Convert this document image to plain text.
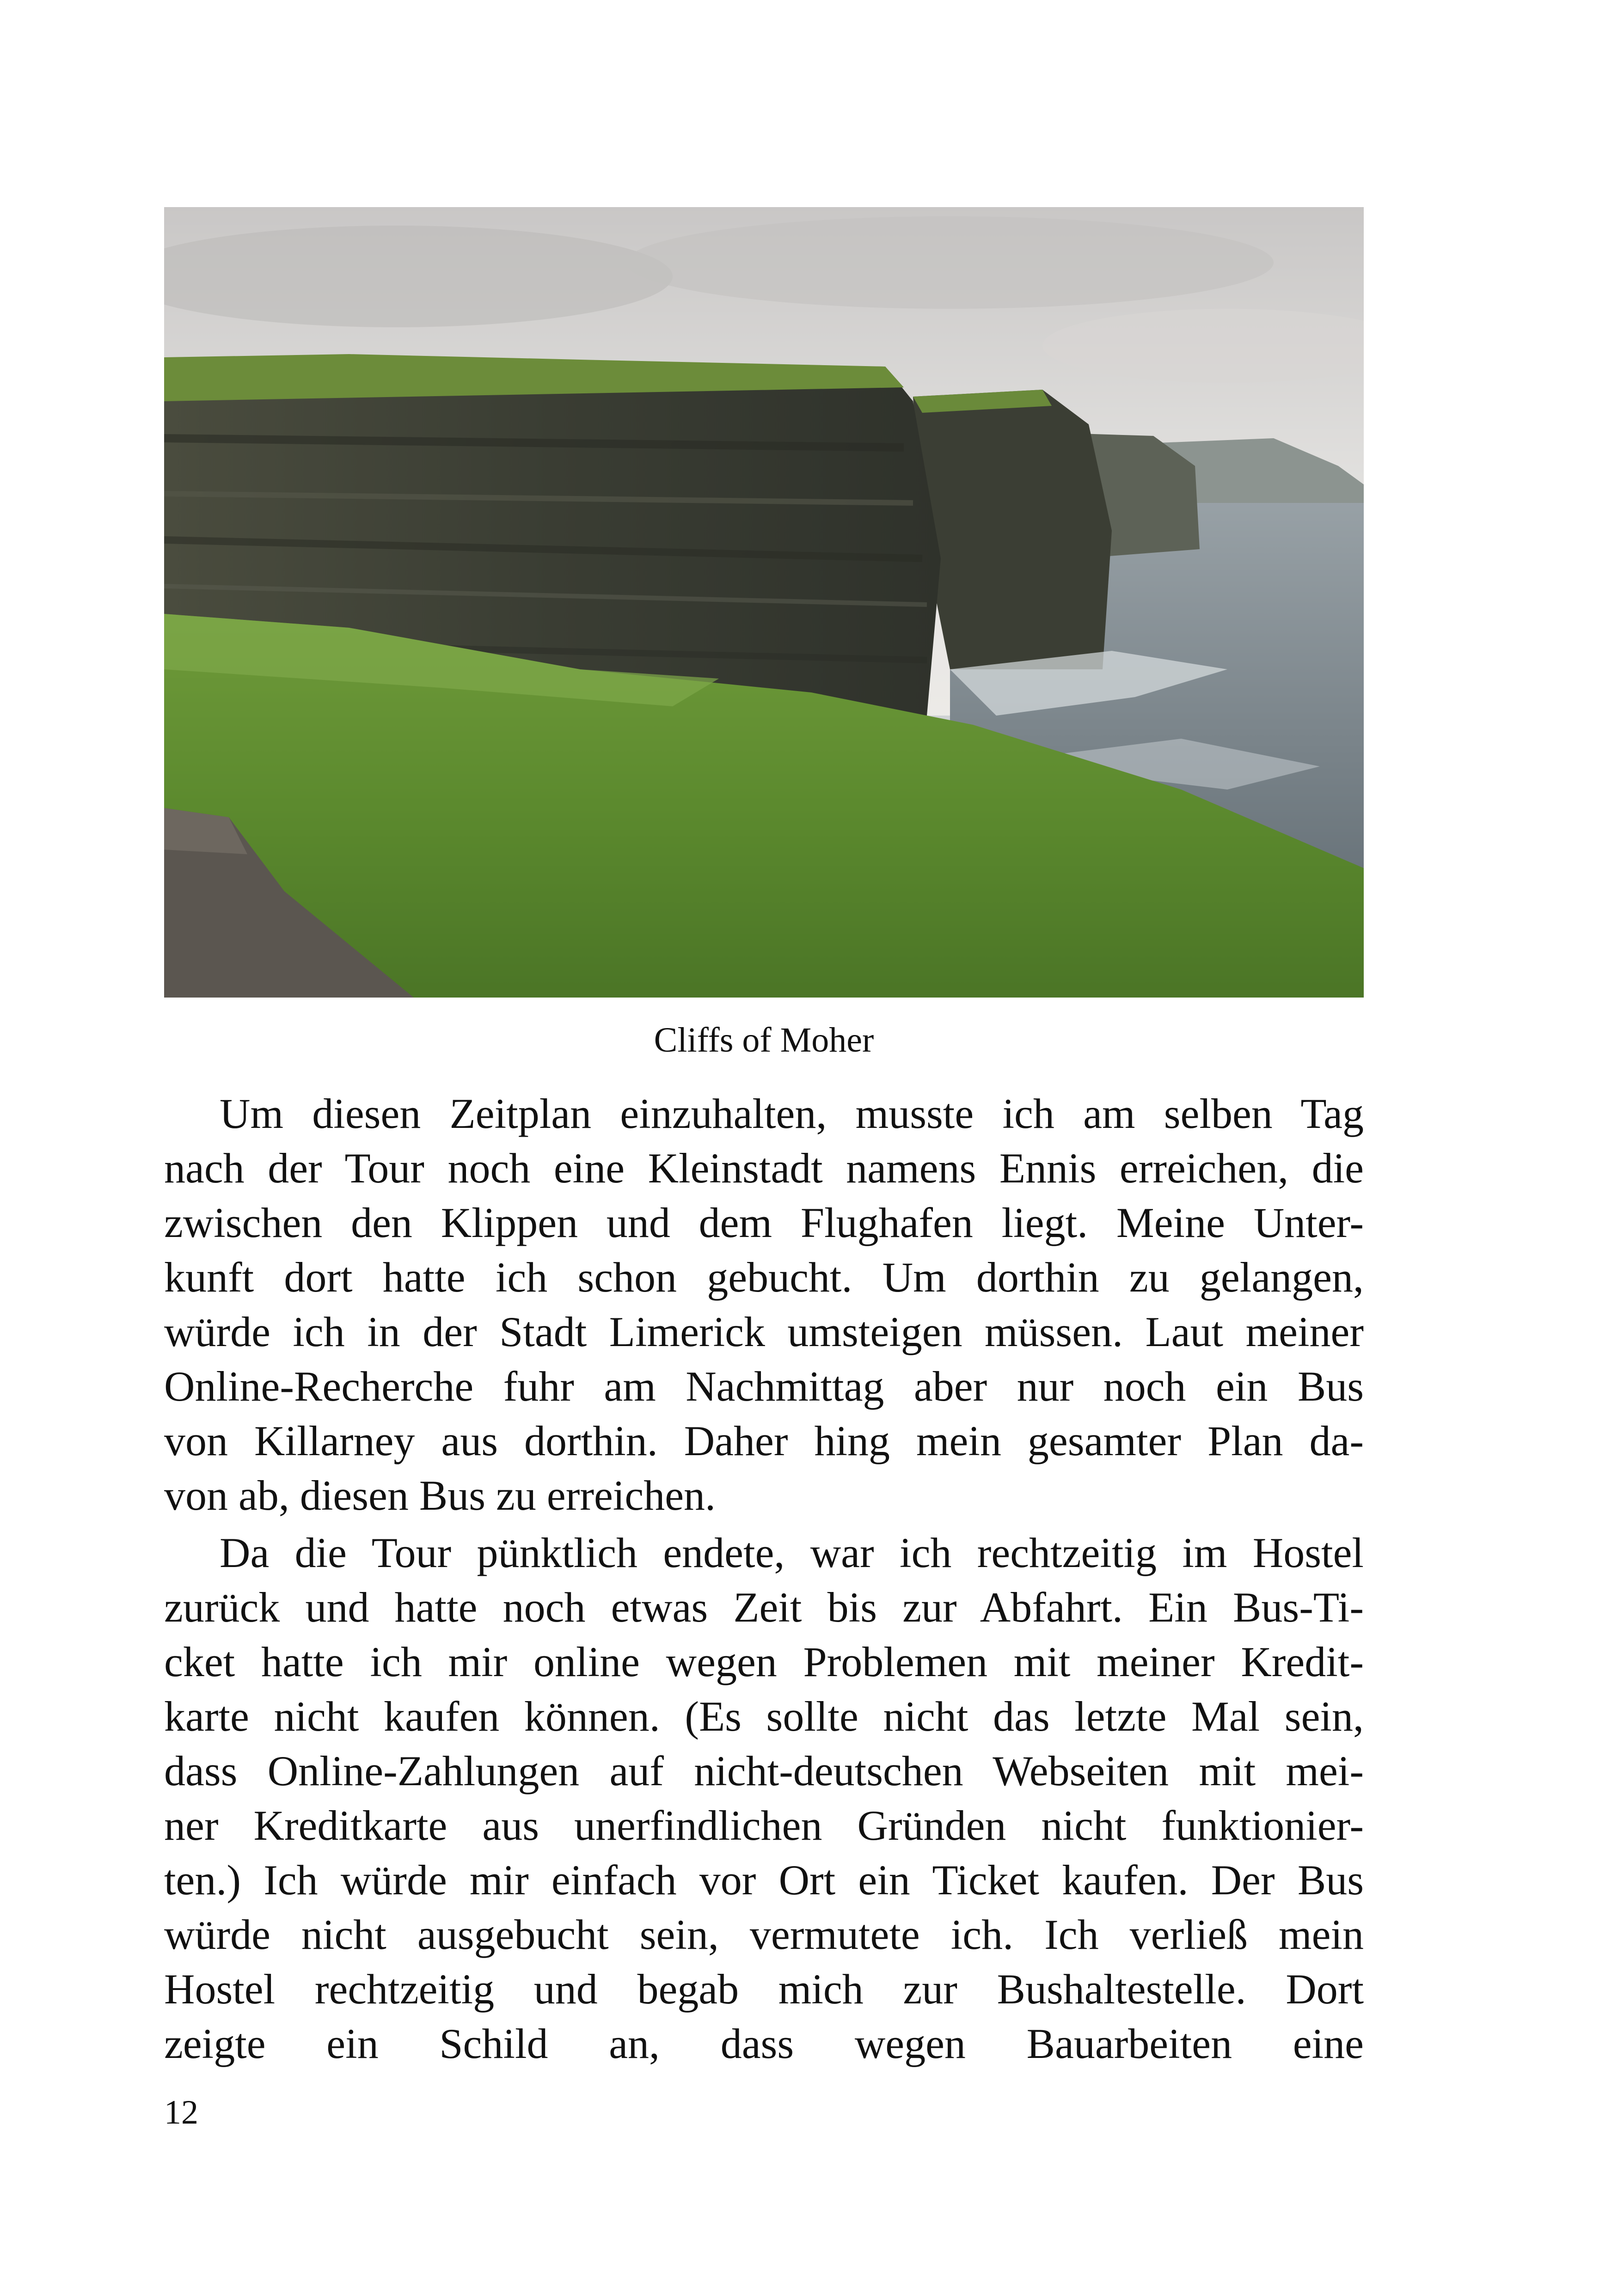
Cliffs of Moher
Um diesen Zeitplan einzuhalten, musste ich am selben Tag
nach der Tour noch eine Kleinstadt namens Ennis erreichen, die
zwischen den Klippen und dem Flughafen liegt. Meine Unter-
kunft dort hatte ich schon gebucht. Um dorthin zu gelangen,
würde ich in der Stadt Limerick umsteigen müssen. Laut meiner
Online-Recherche fuhr am Nachmittag aber nur noch ein Bus
von Killarney aus dorthin. Daher hing mein gesamter Plan da-
von ab, diesen Bus zu erreichen.
Da die Tour pünktlich endete, war ich rechtzeitig im Hostel
zurück und hatte noch etwas Zeit bis zur Abfahrt. Ein Bus-Ti-
cket hatte ich mir online wegen Problemen mit meiner Kredit-
karte nicht kaufen können. (Es sollte nicht das letzte Mal sein,
dass Online-Zahlungen auf nicht-deutschen Webseiten mit mei-
ner Kreditkarte aus unerfindlichen Gründen nicht funktionier-
ten.) Ich würde mir einfach vor Ort ein Ticket kaufen. Der Bus
würde nicht ausgebucht sein, vermutete ich. Ich verließ mein
Hostel rechtzeitig und begab mich zur Bushaltestelle. Dort
zeigte ein Schild an, dass wegen Bauarbeiten eine
12
